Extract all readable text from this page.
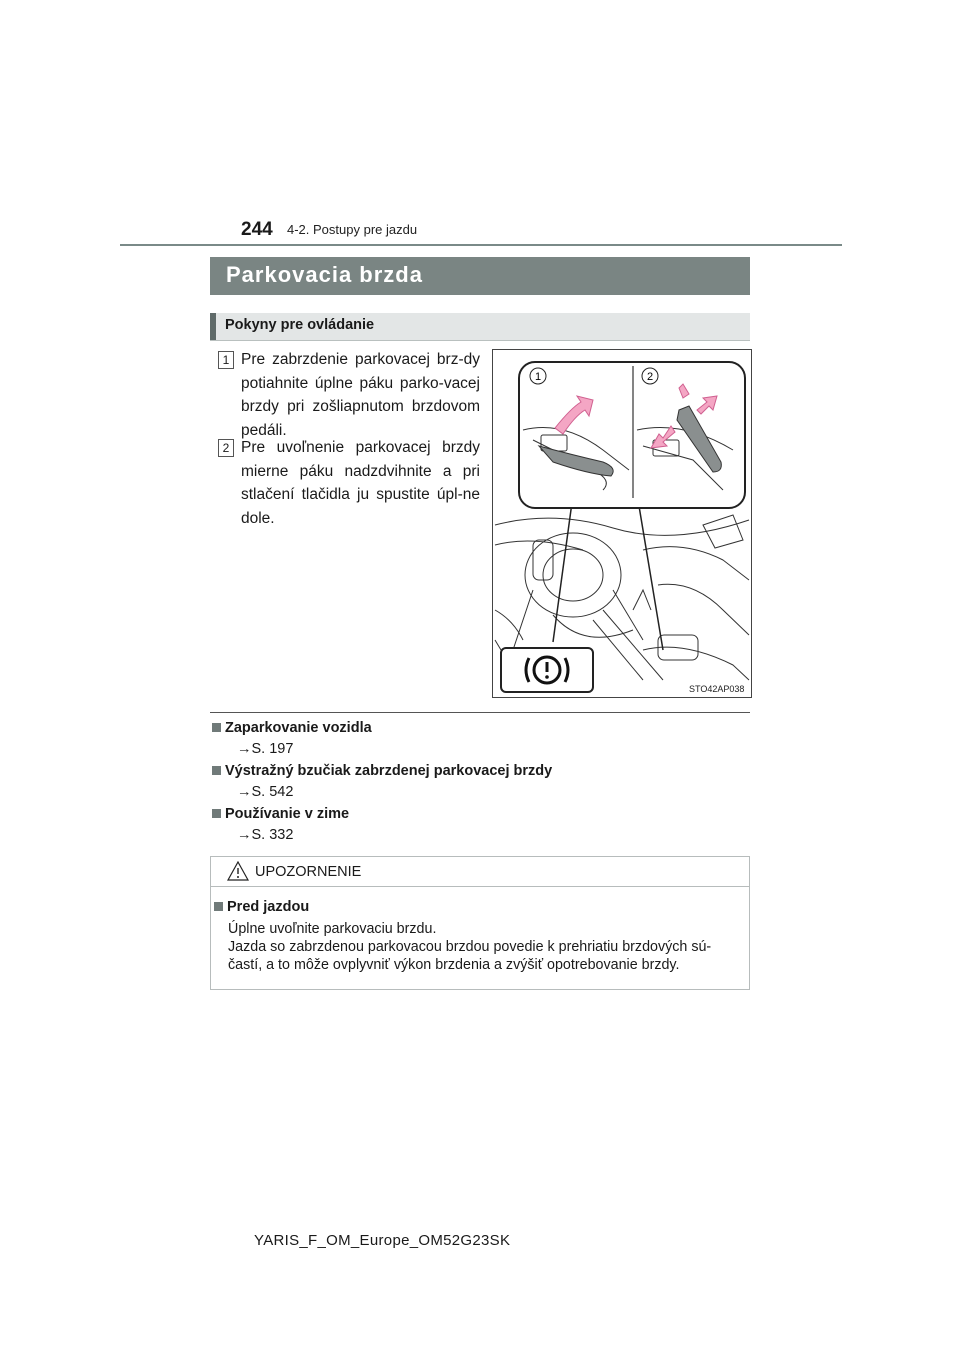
244 4-2. Postupy pre jazdu
Parkovacia brzda
Pokyny pre ovládanie
1 Pre zabrzdenie parkovacej brz-dy potiahnite úplne páku parko-vacej brzdy pri zošliapnutom brzdovom pedáli.
2 Pre uvoľnenie parkovacej brzdy mierne páku nadzdvihnite a pri stlačení tlačidla ju spustite úpl-ne dole.
1	2
STO42AP038
Zaparkovanie vozidla
→S. 197
Výstražný bzučiak zabrzdenej parkovacej brzdy
→S. 542
Používanie v zime
→S. 332
UPOZORNENIE
Pred jazdou
Úplne uvoľnite parkovaciu brzdu.
Jazda so zabrzdenou parkovacou brzdou povedie k prehriatiu brzdových sú-
častí, a to môže ovplyvniť výkon brzdenia a zvýšiť opotrebovanie brzdy.
YARIS_F_OM_Europe_OM52G23SK
